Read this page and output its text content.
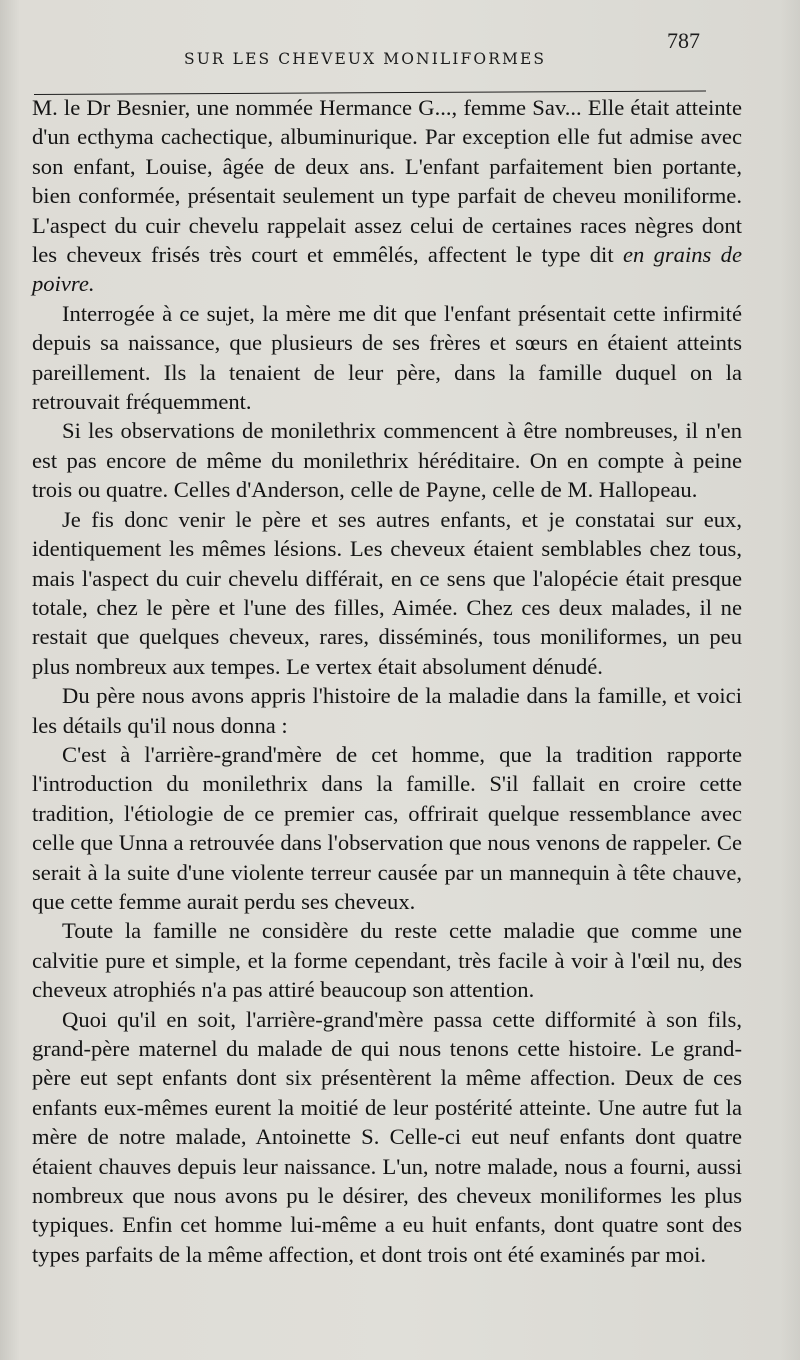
SUR LES CHEVEUX MONILIFORMES
787

M. le Dr Besnier, une nommée Hermance G..., femme Sav... Elle était atteinte d'un ecthyma cachectique, albuminurique. Par exception elle fut admise avec son enfant, Louise, âgée de deux ans. L'enfant parfaitement bien portante, bien conformée, présentait seulement un type parfait de cheveu moniliforme. L'aspect du cuir chevelu rappelait assez celui de certaines races nègres dont les cheveux frisés très court et emmêlés, affectent le type dit en grains de poivre.

Interrogée à ce sujet, la mère me dit que l'enfant présentait cette infirmité depuis sa naissance, que plusieurs de ses frères et sœurs en étaient atteints pareillement. Ils la tenaient de leur père, dans la famille duquel on la retrouvait fréquemment.

Si les observations de monilethrix commencent à être nombreuses, il n'en est pas encore de même du monilethrix héréditaire. On en compte à peine trois ou quatre. Celles d'Anderson, celle de Payne, celle de M. Hallopeau.

Je fis donc venir le père et ses autres enfants, et je constatai sur eux, identiquement les mêmes lésions. Les cheveux étaient semblables chez tous, mais l'aspect du cuir chevelu différait, en ce sens que l'alopécie était presque totale, chez le père et l'une des filles, Aimée. Chez ces deux malades, il ne restait que quelques cheveux, rares, disséminés, tous moniliformes, un peu plus nombreux aux tempes. Le vertex était absolument dénudé.

Du père nous avons appris l'histoire de la maladie dans la famille, et voici les détails qu'il nous donna :

C'est à l'arrière-grand'mère de cet homme, que la tradition rapporte l'introduction du monilethrix dans la famille. S'il fallait en croire cette tradition, l'étiologie de ce premier cas, offrirait quelque ressemblance avec celle que Unna a retrouvée dans l'observation que nous venons de rappeler. Ce serait à la suite d'une violente terreur causée par un mannequin à tête chauve, que cette femme aurait perdu ses cheveux.

Toute la famille ne considère du reste cette maladie que comme une calvitie pure et simple, et la forme cependant, très facile à voir à l'œil nu, des cheveux atrophiés n'a pas attiré beaucoup son attention.

Quoi qu'il en soit, l'arrière-grand'mère passa cette difformité à son fils, grand-père maternel du malade de qui nous tenons cette histoire. Le grand-père eut sept enfants dont six présentèrent la même affection. Deux de ces enfants eux-mêmes eurent la moitié de leur postérité atteinte. Une autre fut la mère de notre malade, Antoinette S. Celle-ci eut neuf enfants dont quatre étaient chauves depuis leur naissance. L'un, notre malade, nous a fourni, aussi nombreux que nous avons pu le désirer, des cheveux moniliformes les plus typiques. Enfin cet homme lui-même a eu huit enfants, dont quatre sont des types parfaits de la même affection, et dont trois ont été examinés par moi.
